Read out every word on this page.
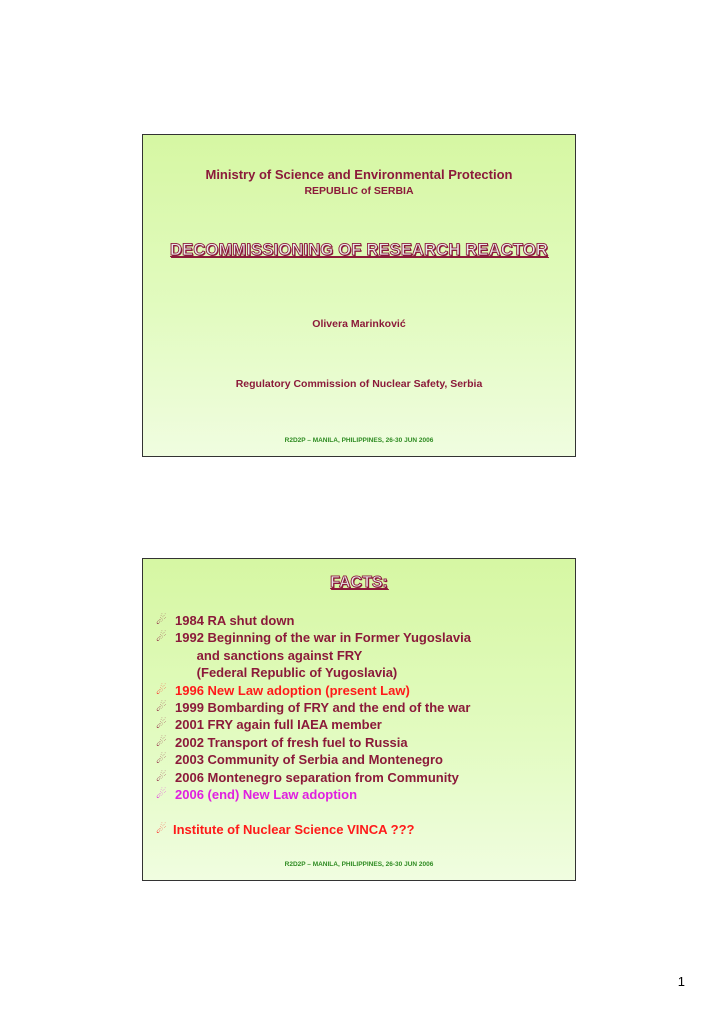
Ministry of Science and Environmental Protection
REPUBLIC of SERBIA
DECOMMISSIONING OF RESEARCH REACTOR
Olivera Marinković
Regulatory Commission of Nuclear Safety, Serbia
R2D2P – MANILA, PHILIPPINES, 26-30 JUN 2006
FACTS:
☄ 1984 RA shut down
☄ 1992 Beginning of the war in Former Yugoslavia
and sanctions against FRY
(Federal Republic of Yugoslavia)
☄ 1996 New Law adoption (present Law)
☄ 1999 Bombarding of FRY and the end of the war
☄ 2001 FRY again full IAEA member
☄ 2002 Transport of fresh fuel to Russia
☄ 2003 Community of Serbia and Montenegro
☄ 2006 Montenegro separation from Community
☄ 2006 (end) New Law adoption
☄ Institute of Nuclear Science VINCA ???
R2D2P – MANILA, PHILIPPINES, 26-30 JUN 2006
1
